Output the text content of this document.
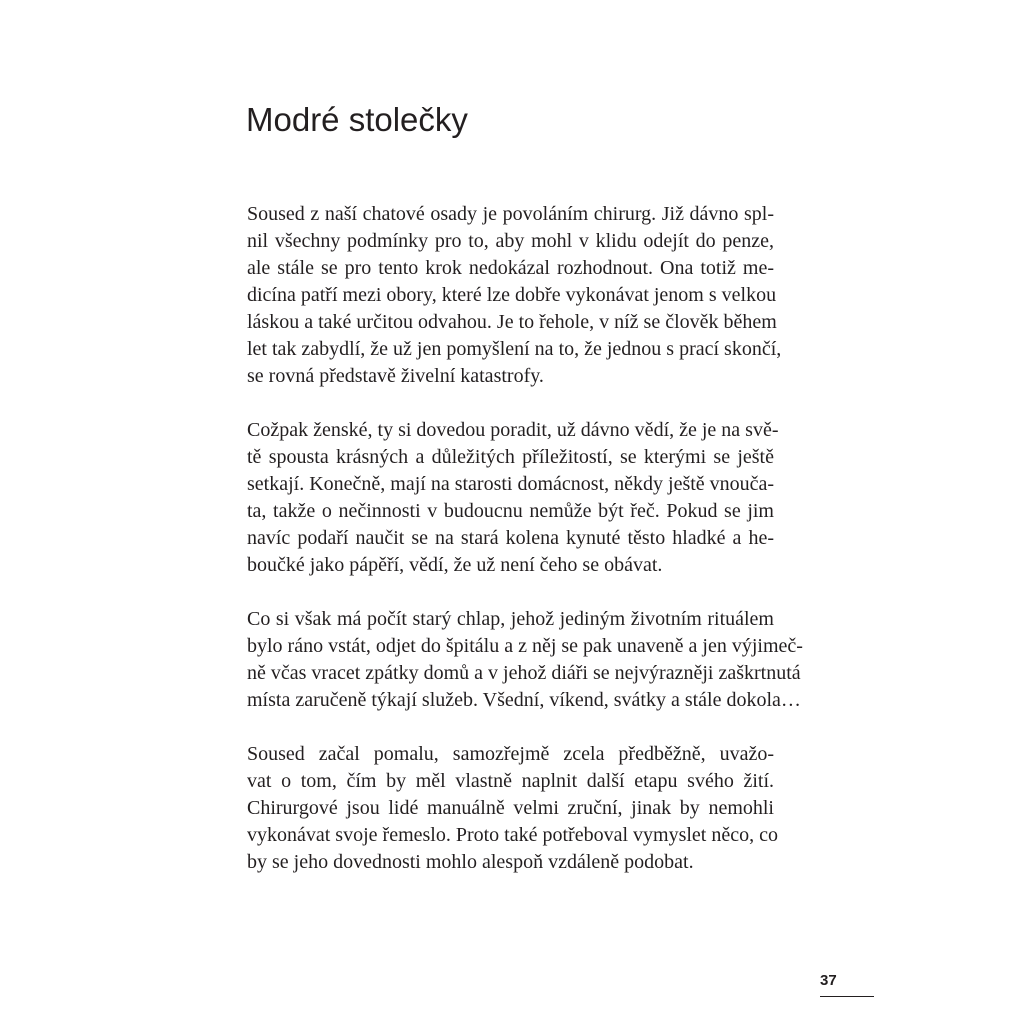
Modré stolečky

Soused z naší chatové osady je povoláním chirurg. Již dávno spl-
nil všechny podmínky pro to, aby mohl v klidu odejít do penze,
ale stále se pro tento krok nedokázal rozhodnout. Ona totiž me-
dicína patří mezi obory, které lze dobře vykonávat jenom s velkou
láskou a také určitou odvahou. Je to řehole, v níž se člověk během
let tak zabydlí, že už jen pomyšlení na to, že jednou s prací skončí,
se rovná představě živelní katastrofy.

Cožpak ženské, ty si dovedou poradit, už dávno vědí, že je na svě-
tě spousta krásných a důležitých příležitostí, se kterými se ještě
setkají. Konečně, mají na starosti domácnost, někdy ještě vnouča-
ta, takže o nečinnosti v budoucnu nemůže být řeč. Pokud se jim
navíc podaří naučit se na stará kolena kynuté těsto hladké a he-
boučké jako pápěří, vědí, že už není čeho se obávat.

Co si však má počít starý chlap, jehož jediným životním rituálem
bylo ráno vstát, odjet do špitálu a z něj se pak unaveně a jen výjimeč-
ně včas vracet zpátky domů a v jehož diáři se nejvýrazněji zaškrtnutá
místa zaručeně týkají služeb. Všední, víkend, svátky a stále dokola…

Soused začal pomalu, samozřejmě zcela předběžně, uvažo-
vat o tom, čím by měl vlastně naplnit další etapu svého žití.
Chirurgové jsou lidé manuálně velmi zruční, jinak by nemohli
vykonávat svoje řemeslo. Proto také potřeboval vymyslet něco, co
by se jeho dovednosti mohlo alespoň vzdáleně podobat.

37
